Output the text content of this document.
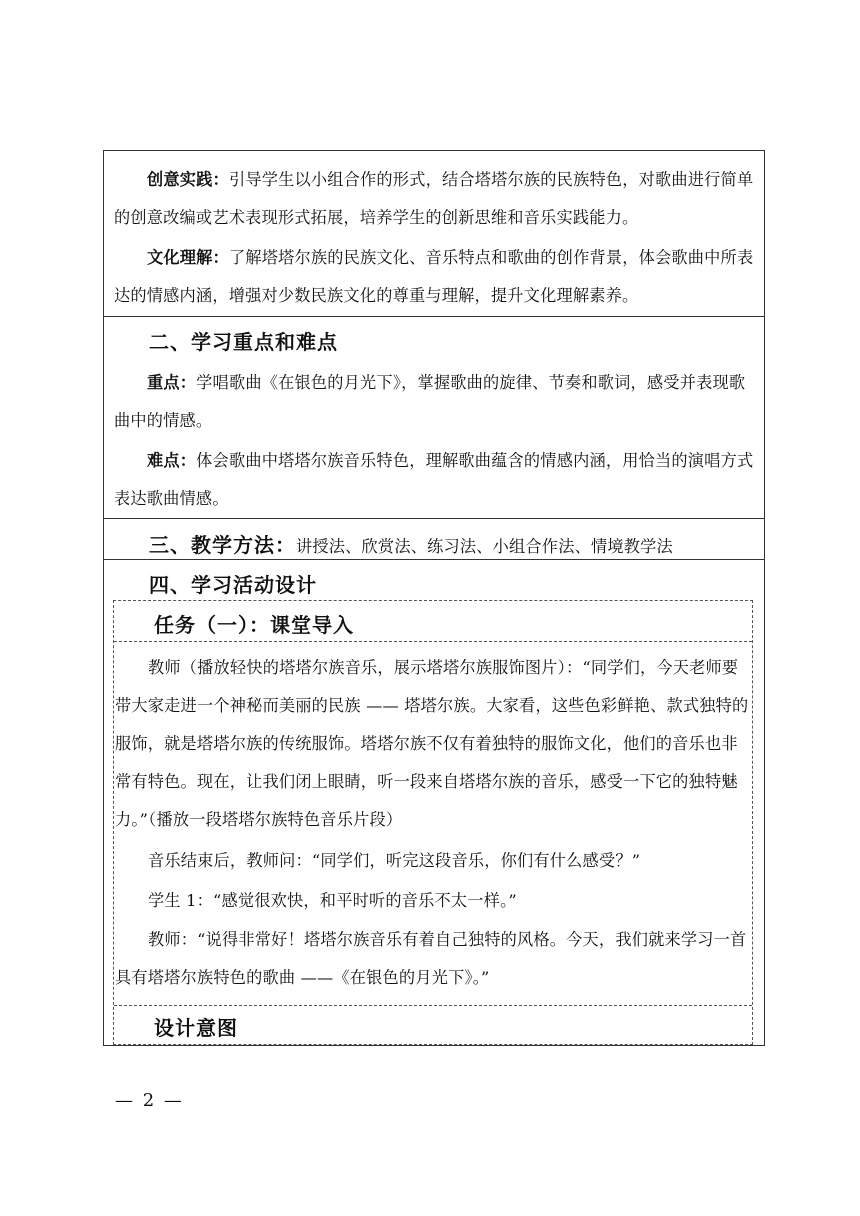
创意实践：引导学生以小组合作的形式，结合塔塔尔族的民族特色，对歌曲进行简单的创意改编或艺术表现形式拓展，培养学生的创新思维和音乐实践能力。
文化理解：了解塔塔尔族的民族文化、音乐特点和歌曲的创作背景，体会歌曲中所表达的情感内涵，增强对少数民族文化的尊重与理解，提升文化理解素养。
二、学习重点和难点
重点：学唱歌曲《在银色的月光下》，掌握歌曲的旋律、节奏和歌词，感受并表现歌曲中的情感。
难点：体会歌曲中塔塔尔族音乐特色，理解歌曲蕴含的情感内涵，用恰当的演唱方式表达歌曲情感。
三、教学方法：讲授法、欣赏法、练习法、小组合作法、情境教学法
四、学习活动设计
任务（一）：课堂导入
教师（播放轻快的塔塔尔族音乐，展示塔塔尔族服饰图片）：“同学们，今天老师要带大家走进一个神秘而美丽的民族 —— 塔塔尔族。大家看，这些色彩鲜艳、款式独特的服饰，就是塔塔尔族的传统服饰。塔塔尔族不仅有着独特的服饰文化，他们的音乐也非常有特色。现在，让我们闭上眼睛，听一段来自塔塔尔族的音乐，感受一下它的独特魅力。”（播放一段塔塔尔族特色音乐片段）
音乐结束后，教师问：“同学们，听完这段音乐，你们有什么感受？”
学生 1：“感觉很欢快，和平时听的音乐不太一样。”
教师：“说得非常好！塔塔尔族音乐有着自己独特的风格。今天，我们就来学习一首具有塔塔尔族特色的歌曲 ——《在银色的月光下》。”
设计意图
— 2 —
